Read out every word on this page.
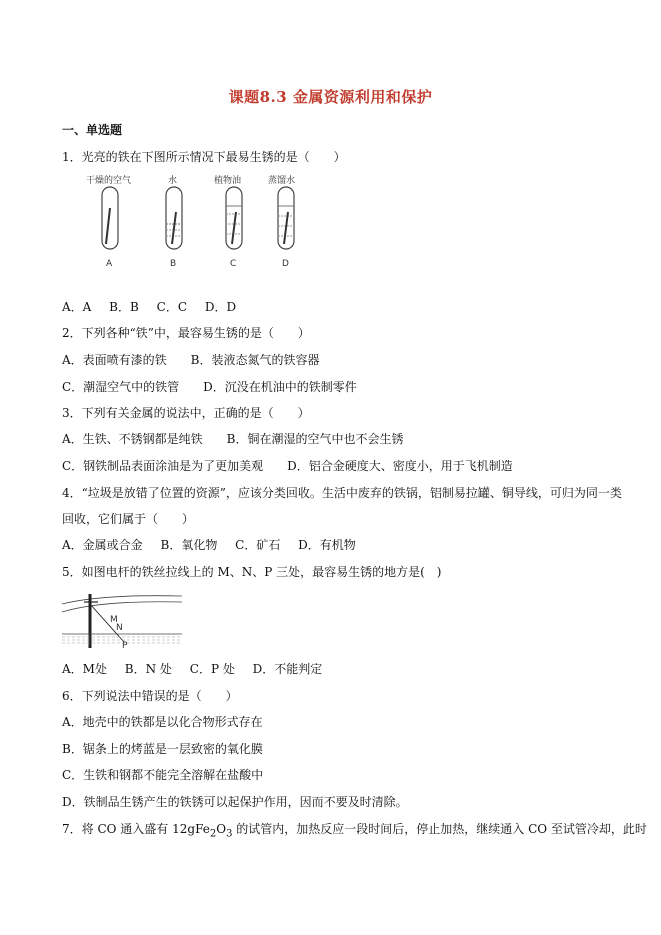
课题8.3 金属资源利用和保护
一、单选题
1．光亮的铁在下图所示情况下最易生锈的是（　　）
干燥的空气	水	植物油	蒸馏水
A	B	C	D
A．A B．B C．C D．D
2．下列各种“铁”中，最容易生锈的是（　　）
A．表面喷有漆的铁　　B．装液态氮气的铁容器
C．潮湿空气中的铁管　　D．沉没在机油中的铁制零件
3．下列有关金属的说法中，正确的是（　　）
A．生铁、不锈钢都是纯铁　　B．铜在潮湿的空气中也不会生锈
C．钢铁制品表面涂油是为了更加美观　　D．铝合金硬度大、密度小，用于飞机制造
4．“垃圾是放错了位置的资源”，应该分类回收。生活中废弃的铁锅，铝制易拉罐、铜导线，可归为同一类
回收，它们属于（　　）
A．金属或合金 B．氧化物 C．矿石 D．有机物
5．如图电杆的铁丝拉线上的 M、N、P 三处，最容易生锈的地方是(　)
M
N
P
A．M处 B．N 处 C．P 处 D．不能判定
6．下列说法中错误的是（　　）
A．地壳中的铁都是以化合物形式存在
B．锯条上的烤蓝是一层致密的氧化膜
C．生铁和钢都不能完全溶解在盐酸中
D．铁制品生锈产生的铁锈可以起保护作用，因而不要及时清除。
7．将 CO 通入盛有 $12gFe_2O_3$ 的试管内，加热反应一段时间后，停止加热，继续通入 CO 至试管冷却，此时
